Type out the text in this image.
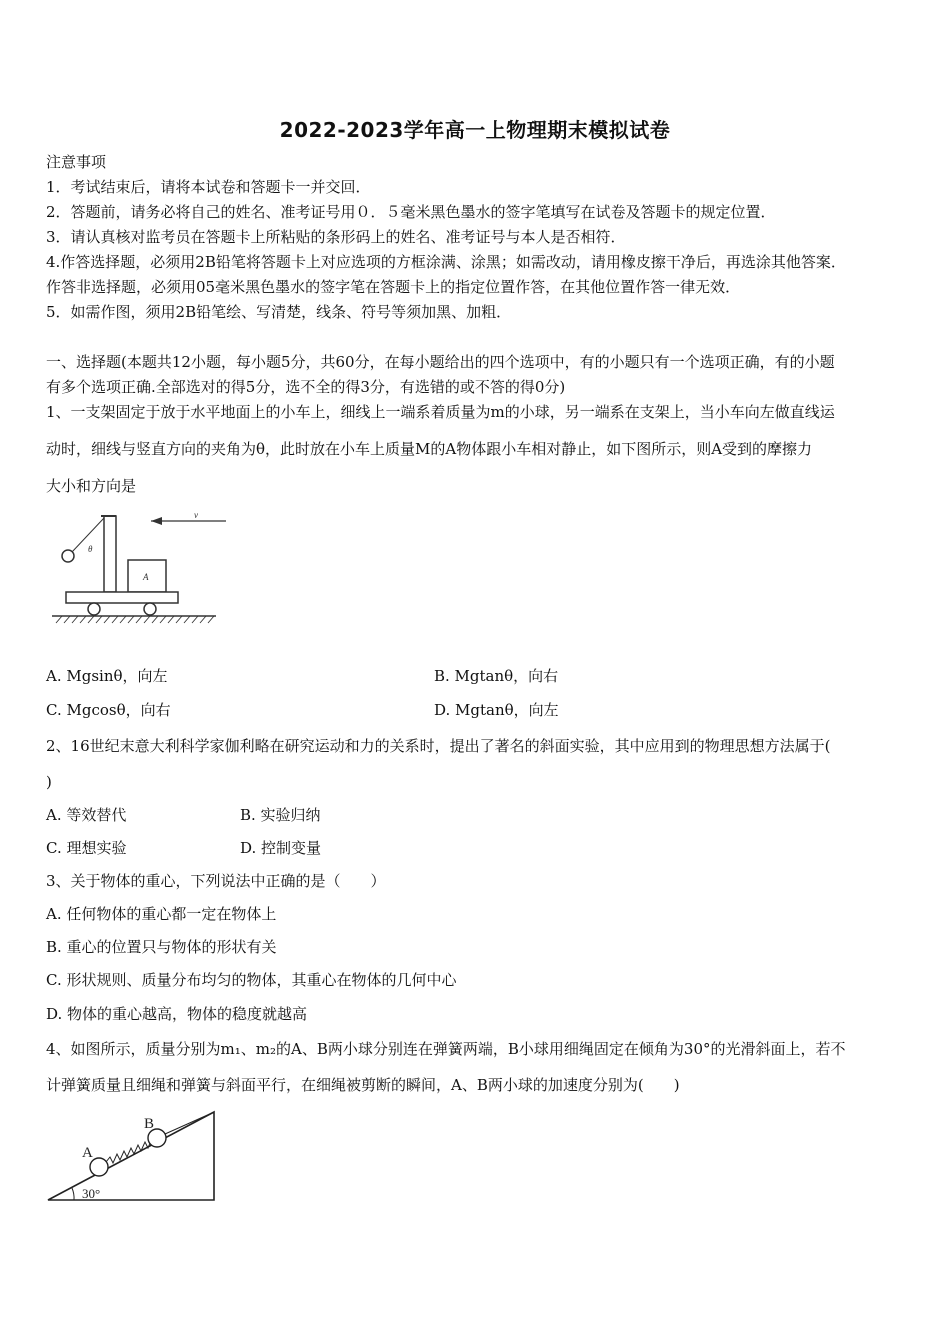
2022-2023学年高一上物理期末模拟试卷
注意事项
1．考试结束后，请将本试卷和答题卡一并交回．
2．答题前，请务必将自己的姓名、准考证号用０．５毫米黑色墨水的签字笔填写在试卷及答题卡的规定位置．
3．请认真核对监考员在答题卡上所粘贴的条形码上的姓名、准考证号与本人是否相符．
4.作答选择题，必须用2B铅笔将答题卡上对应选项的方框涂满、涂黑；如需改动，请用橡皮擦干净后，再选涂其他答案．
作答非选择题，必须用05毫米黑色墨水的签字笔在答题卡上的指定位置作答，在其他位置作答一律无效．
5．如需作图，须用2B铅笔绘、写清楚，线条、符号等须加黑、加粗．
一、选择题(本题共12小题，每小题5分，共60分，在每小题给出的四个选项中，有的小题只有一个选项正确，有的小题
有多个选项正确.全部选对的得5分，选不全的得3分，有选错的或不答的得0分)
1、一支架固定于放于水平地面上的小车上，细线上一端系着质量为m的小球，另一端系在支架上，当小车向左做直线运
动时，细线与竖直方向的夹角为θ，此时放在小车上质量M的A物体跟小车相对静止，如下图所示，则A受到的摩擦力
大小和方向是
v
θ
A
A. Mgsinθ，向左	B. Mgtanθ，向右
C. Mgcosθ，向右	D. Mgtanθ，向左
2、16世纪末意大利科学家伽利略在研究运动和力的关系时，提出了著名的斜面实验，其中应用到的物理思想方法属于(
)
A. 等效替代	B. 实验归纳
C. 理想实验	D. 控制变量
3、关于物体的重心，下列说法中正确的是（　　）
A. 任何物体的重心都一定在物体上
B. 重心的位置只与物体的形状有关
C. 形状规则、质量分布均匀的物体，其重心在物体的几何中心
D. 物体的重心越高，物体的稳度就越高
4、如图所示，质量分别为m₁、m₂的A、B两小球分别连在弹簧两端，B小球用细绳固定在倾角为30°的光滑斜面上，若不
计弹簧质量且细绳和弹簧与斜面平行，在细绳被剪断的瞬间，A、B两小球的加速度分别为(　　)
A
B
30°
